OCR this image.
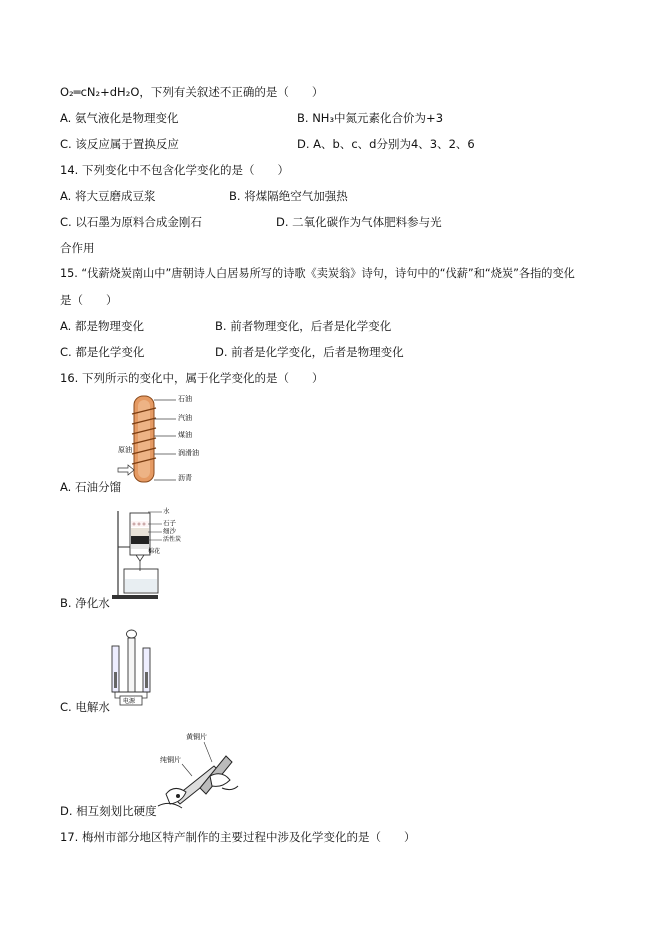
O₂═cN₂+dH₂O，下列有关叙述不正确的是（　　）
A. 氨气液化是物理变化	B. NH₃中氮元素化合价为+3
C. 该反应属于置换反应	D. A、b、c、d分别为4、3、2、6
14. 下列变化中不包含化学变化的是（　　）
A. 将大豆磨成豆浆	B. 将煤隔绝空气加强热
C. 以石墨为原料合成金刚石	D. 二氧化碳作为气体肥料参与光
合作用
15. “伐薪烧炭南山中”唐朝诗人白居易所写的诗歌《卖炭翁》诗句，诗句中的“伐薪”和“烧炭”各指的变化
是（　　）
A. 都是物理变化	B. 前者物理变化，后者是化学变化
C. 都是化学变化	D. 前者是化学变化，后者是物理变化
16. 下列所示的变化中，属于化学变化的是（　　）
石油
汽油
煤油
润滑油
沥青
原油
A. 石油分馏
水
石子
细沙
活性炭
棉花
B. 净化水
电源
C. 电解水
黄铜片
纯铜片
D. 相互刻划比硬度
17. 梅州市部分地区特产制作的主要过程中涉及化学变化的是（　　）
